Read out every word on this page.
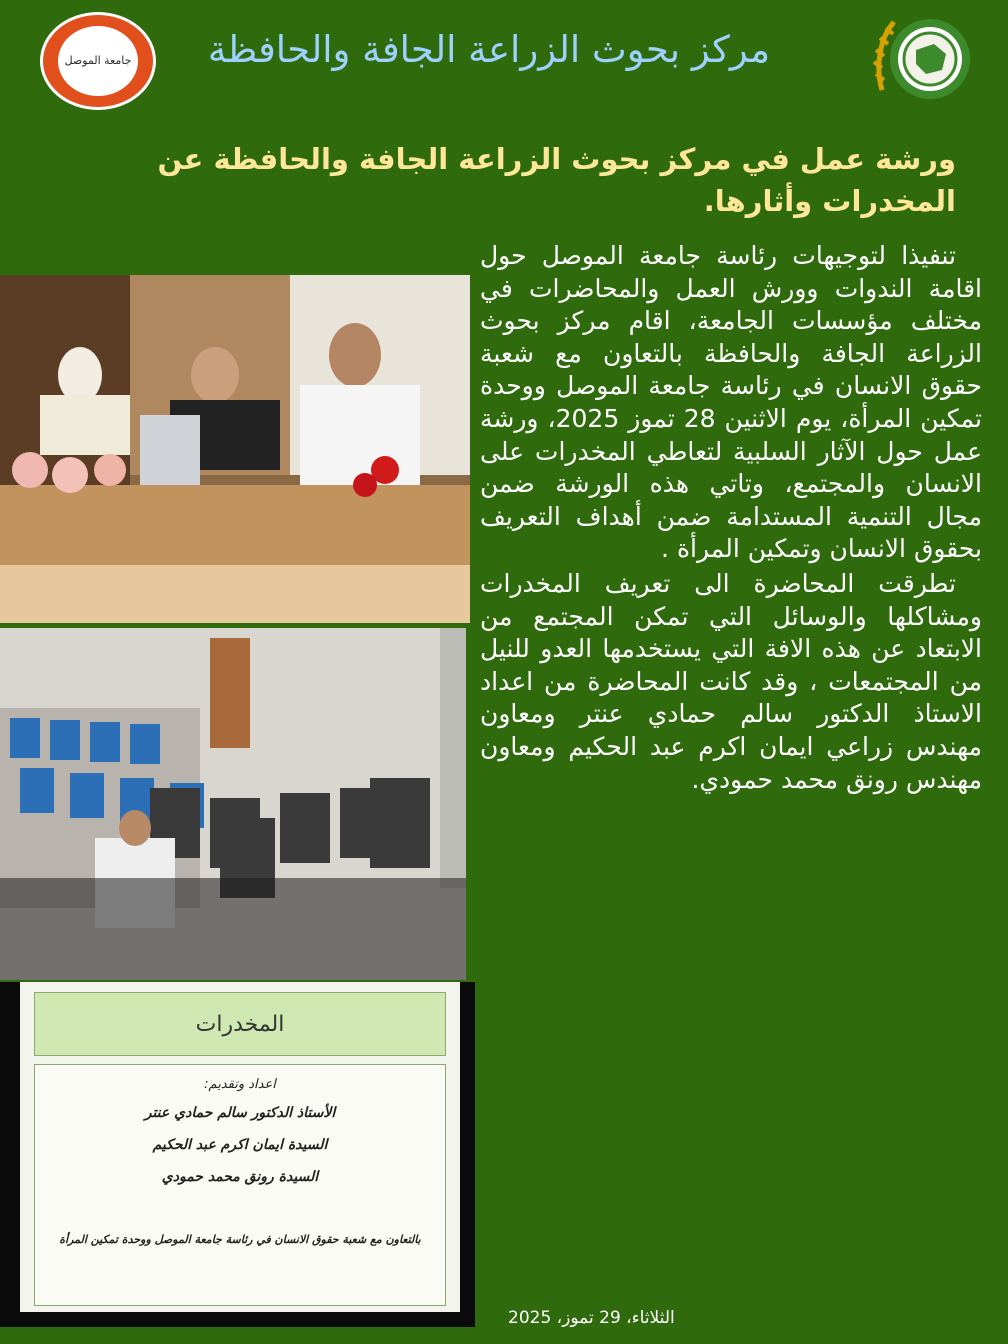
جامعة الموصل	مركز بحوث الزراعة الجافة والحافظة
ورشة عمل في مركز بحوث الزراعة الجافة والحافظة عن المخدرات وأثارها.
المخدرات
اعداد وتقديم:
الأستاذ الدكتور سالم حمادي عنتر
السيدة ايمان اكرم عبد الحكيم
السيدة رونق محمد حمودي
بالتعاون مع شعبة حقوق الانسان في رئاسة جامعة الموصل ووحدة تمكين المرأة

تنفيذا لتوجيهات رئاسة جامعة الموصل حول اقامة الندوات وورش العمل والمحاضرات في مختلف مؤسسات الجامعة، اقام مركز بحوث الزراعة الجافة والحافظة بالتعاون مع شعبة حقوق الانسان في رئاسة جامعة الموصل ووحدة تمكين المرأة، يوم الاثنين 28 تموز 2025، ورشة عمل حول الآثار السلبية لتعاطي المخدرات على الانسان والمجتمع، وتاتي هذه الورشة ضمن مجال التنمية المستدامة ضمن أهداف التعريف بحقوق الانسان وتمكين المرأة .

تطرقت المحاضرة الى تعريف المخدرات ومشاكلها والوسائل التي تمكن المجتمع من الابتعاد عن هذه الافة التي يستخدمها العدو للنيل من المجتمعات ، وقد كانت المحاضرة من اعداد الاستاذ الدكتور سالم حمادي عنتر ومعاون مهندس زراعي ايمان اكرم عبد الحكيم ومعاون مهندس رونق محمد حمودي.

الثلاثاء، 29 تموز، 2025
